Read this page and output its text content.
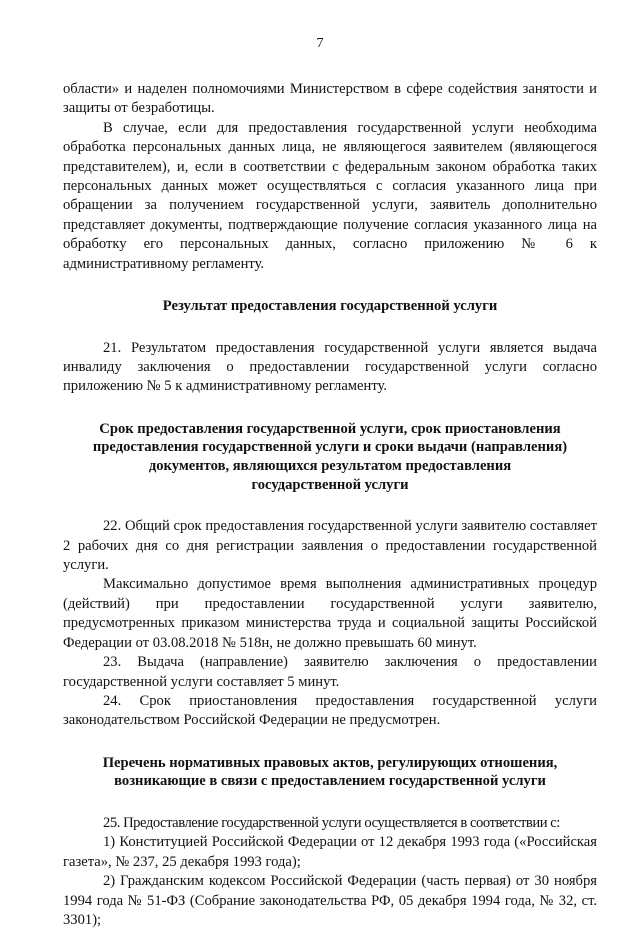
7

области» и наделен полномочиями Министерством в сфере содействия занятости и защиты от безработицы.

В случае, если для предоставления государственной услуги необходима обработка персональных данных лица, не являющегося заявителем (являющегося представителем), и, если в соответствии с федеральным законом обработка таких персональных данных может осуществляться с согласия указанного лица при обращении за получением государственной услуги, заявитель дополнительно представляет документы, подтверждающие получение согласия указанного лица на обработку его персональных данных, согласно приложению № 6 к административному регламенту.

Результат предоставления государственной услуги

21. Результатом предоставления государственной услуги является выдача инвалиду заключения о предоставлении государственной услуги согласно приложению № 5 к административному регламенту.

Срок предоставления государственной услуги, срок приостановления
предоставления государственной услуги и сроки выдачи (направления)
документов, являющихся результатом предоставления
государственной услуги

22. Общий срок предоставления государственной услуги заявителю составляет 2 рабочих дня со дня регистрации заявления о предоставлении государственной услуги.

Максимально допустимое время выполнения административных процедур (действий) при предоставлении государственной услуги заявителю, предусмотренных приказом министерства труда и социальной защиты Российской Федерации от 03.08.2018 № 518н, не должно превышать 60 минут.

23. Выдача (направление) заявителю заключения о предоставлении государственной услуги составляет 5 минут.

24. Срок приостановления предоставления государственной услуги законодательством Российской Федерации не предусмотрен.

Перечень нормативных правовых актов, регулирующих отношения,
возникающие в связи с предоставлением государственной услуги

25. Предоставление государственной услуги осуществляется в соответствии с:

1) Конституцией Российской Федерации от 12 декабря 1993 года («Российская газета», № 237, 25 декабря 1993 года);

2) Гражданским кодексом Российской Федерации (часть первая) от 30 ноября 1994 года № 51-ФЗ (Собрание законодательства РФ, 05 декабря 1994 года, № 32, ст. 3301);
